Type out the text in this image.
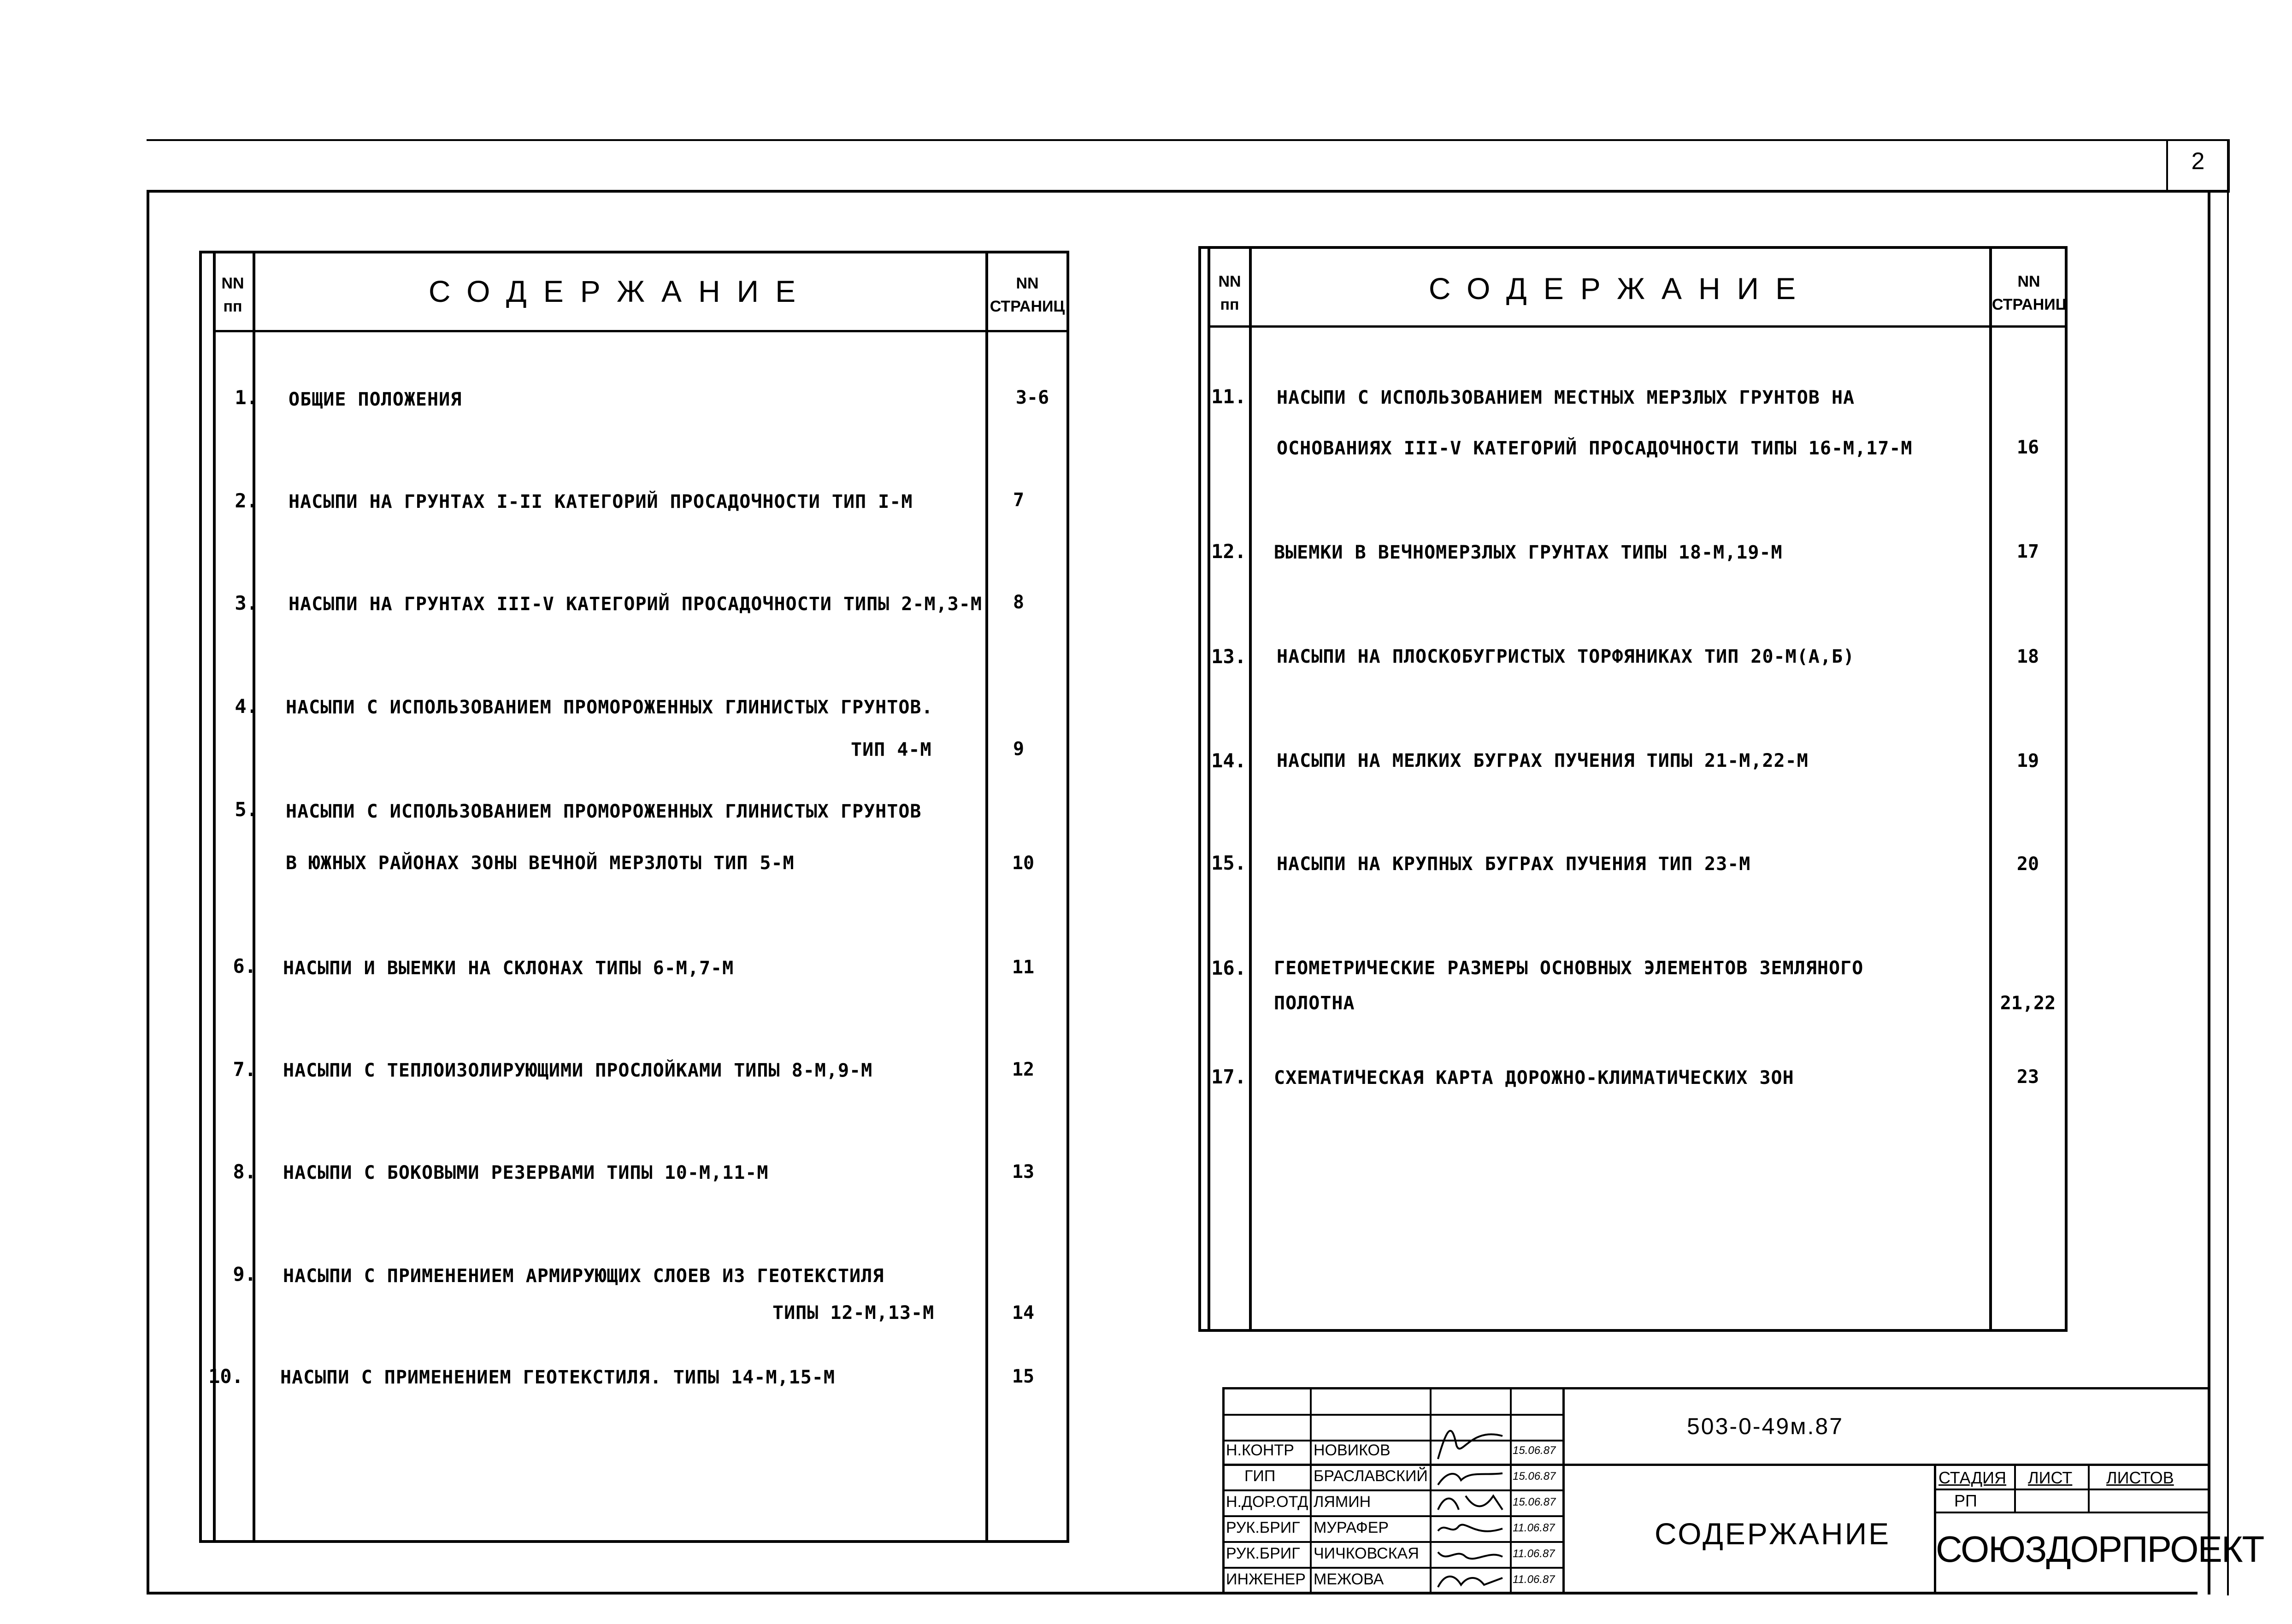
2
NN
пп	СОДЕРЖАНИЕ	NN
СТРАНИЦ
1. ОБЩИЕ ПОЛОЖЕНИЯ	3-6
2. НАСЫПИ НА ГРУНТАХ I-II КАТЕГОРИЙ ПРОСАДОЧНОСТИ ТИП I-М	7
3. НАСЫПИ НА ГРУНТАХ III-V КАТЕГОРИЙ ПРОСАДОЧНОСТИ ТИПЫ 2-М,3-М	8
4. НАСЫПИ С ИСПОЛЬЗОВАНИЕМ ПРОМОРОЖЕННЫХ ГЛИНИСТЫХ ГРУНТОВ.
ТИП 4-М	9
5. НАСЫПИ С ИСПОЛЬЗОВАНИЕМ ПРОМОРОЖЕННЫХ ГЛИНИСТЫХ ГРУНТОВ
В ЮЖНЫХ РАЙОНАХ ЗОНЫ ВЕЧНОЙ МЕРЗЛОТЫ ТИП 5-М	10
6. НАСЫПИ И ВЫЕМКИ НА СКЛОНАХ ТИПЫ 6-М,7-М	11
7. НАСЫПИ С ТЕПЛОИЗОЛИРУЮЩИМИ ПРОСЛОЙКАМИ ТИПЫ 8-М,9-М	12
8. НАСЫПИ С БОКОВЫМИ РЕЗЕРВАМИ ТИПЫ 10-М,11-М	13
9. НАСЫПИ С ПРИМЕНЕНИЕМ АРМИРУЮЩИХ СЛОЕВ ИЗ ГЕОТЕКСТИЛЯ
ТИПЫ 12-М,13-М	14
10. НАСЫПИ С ПРИМЕНЕНИЕМ ГЕОТЕКСТИЛЯ. ТИПЫ 14-М,15-М	15
NN
пп	СОДЕРЖАНИЕ	NN
СТРАНИЦ
11. НАСЫПИ С ИСПОЛЬЗОВАНИЕМ МЕСТНЫХ МЕРЗЛЫХ ГРУНТОВ НА
ОСНОВАНИЯХ III-V КАТЕГОРИЙ ПРОСАДОЧНОСТИ ТИПЫ 16-М,17-М	16
12. ВЫЕМКИ В ВЕЧНОМЕРЗЛЫХ ГРУНТАХ ТИПЫ 18-М,19-М	17
13. НАСЫПИ НА ПЛОСКОБУГРИСТЫХ ТОРФЯНИКАХ ТИП 20-М(А,Б)	18
14. НАСЫПИ НА МЕЛКИХ БУГРАХ ПУЧЕНИЯ ТИПЫ 21-М,22-М	19
15. НАСЫПИ НА КРУПНЫХ БУГРАХ ПУЧЕНИЯ ТИП 23-М	20
16. ГЕОМЕТРИЧЕСКИЕ РАЗМЕРЫ ОСНОВНЫХ ЭЛЕМЕНТОВ ЗЕМЛЯНОГО
ПОЛОТНА	21,22
17. СХЕМАТИЧЕСКАЯ КАРТА ДОРОЖНО-КЛИМАТИЧЕСКИХ ЗОН	23
Н.КОНТР НОВИКОВ	15.06.87
ГИП БРАСЛАВСКИЙ	15.06.87
Н.ДОР.ОТД ЛЯМИН	15.06.87
РУК.БРИГ МУРАФЕР	11.06.87
РУК.БРИГ ЧИЧКОВСКАЯ	11.06.87
ИНЖЕНЕР МЕЖОВА	11.06.87
503-0-49м.87
СОДЕРЖАНИЕ
СТАДИЯ ЛИСТ ЛИСТОВ
РП
СОЮЗДОРПРОЕКТ
